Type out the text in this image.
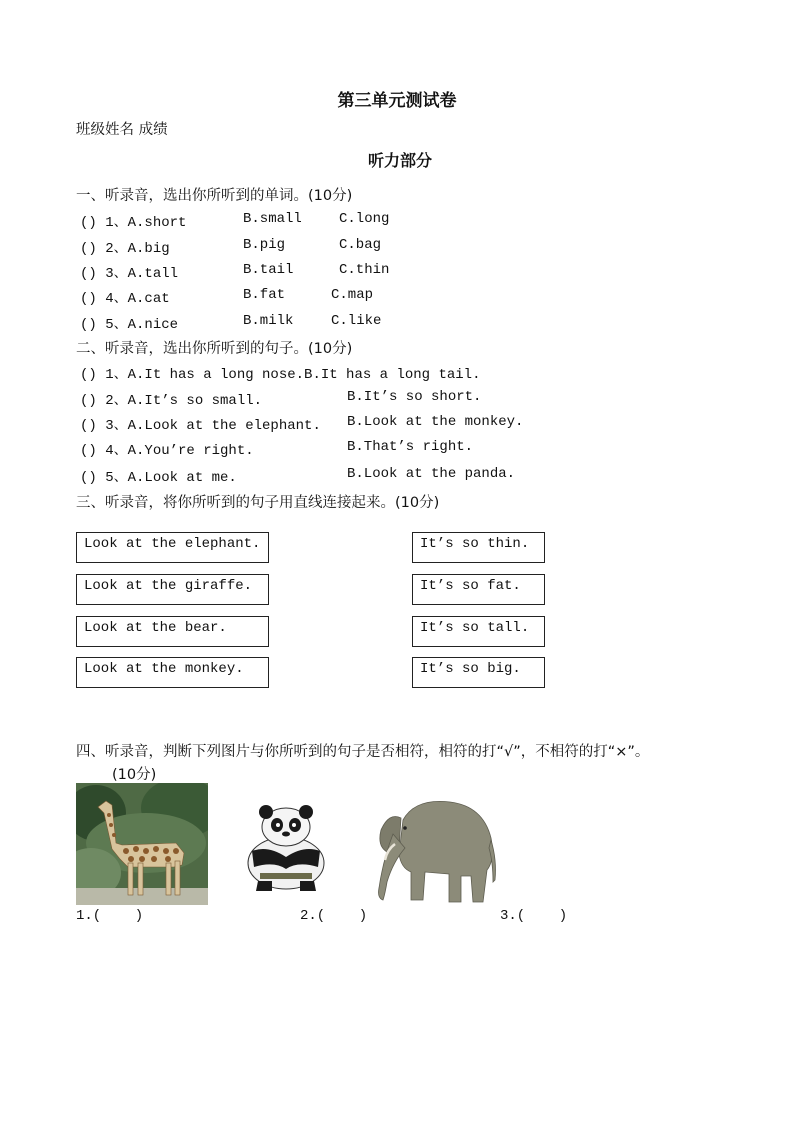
第三单元测试卷
班级姓名 成绩
听力部分
一、听录音，选出你所听到的单词。(10分)
() 1、A.short	B.small	C.long
() 2、A.big	B.pig	C.bag
() 3、A.tall	B.tail	C.thin
() 4、A.cat	B.fat	C.map
() 5、A.nice	B.milk	C.like
二、听录音，选出你所听到的句子。(10分)
() 1、A.It has a long nose.B.It has a long tail.
() 2、A.It’s so small.	B.It’s so short.
() 3、A.Look at the elephant. B.Look at the monkey.
() 4、A.You’re right.	B.That’s right.
() 5、A.Look at me.	B.Look at the panda.
三、听录音，将你所听到的句子用直线连接起来。(10分)
Look at the elephant.
Look at the giraffe.
Look at the bear.
Look at the monkey.
It’s so thin.
It’s so fat.
It’s so tall.
It’s so big.
四、听录音，判断下列图片与你所听到的句子是否相符，相符的打“√”，不相符的打“×”。
(10分)
1.(    )	2.(    )	3.(    )
